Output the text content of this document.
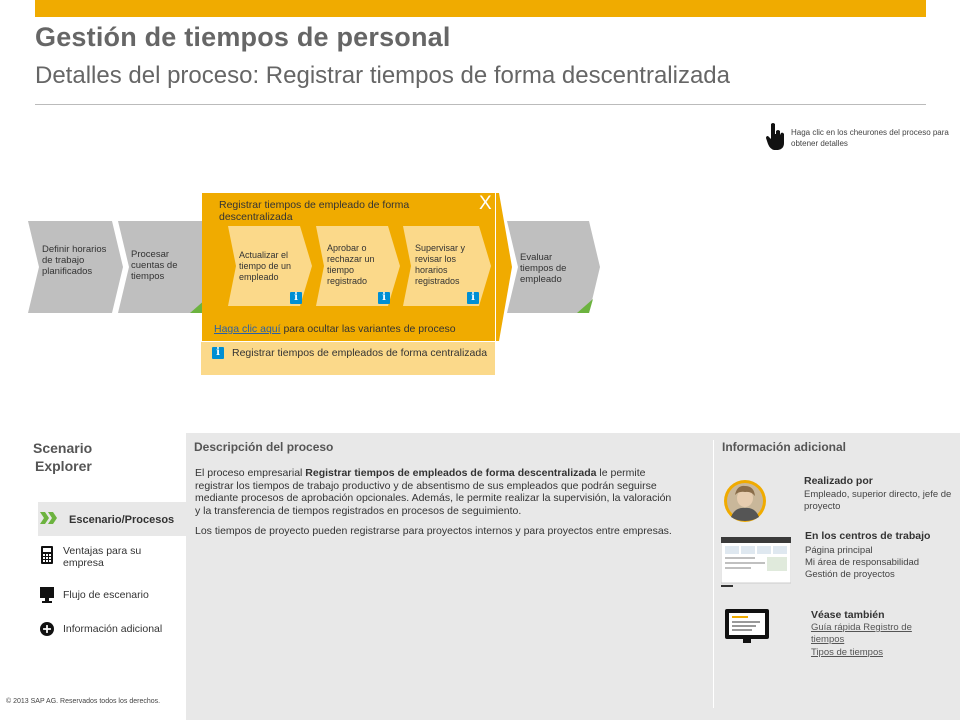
Gestión de tiempos de personal
Detalles del proceso: Registrar tiempos de forma descentralizada
Haga clic en los cheurones del proceso para obtener detalles
Definir horarios de trabajo planificados
Procesar cuentas de tiempos
Registrar tiempos de empleado de forma descentralizada
X
Actualizar el tiempo de un empleado
i
Aprobar o rechazar un tiempo registrado
i
Supervisar y revisar los horarios registrados
i
Haga clic aquí para ocultar las variantes de proceso
i	Registrar tiempos de empleados de forma centralizada
Evaluar tiempos de empleado
Scenario
Explorer
Escenario/Procesos
Ventajas para su empresa
Flujo de escenario
Información adicional
Descripción del proceso

El proceso empresarial Registrar tiempos de empleados de forma descentralizada le permite registrar los tiempos de trabajo productivo y de absentismo de sus empleados que podrán seguirse mediante procesos de aprobación opcionales. Además, le permite realizar la supervisión, la valoración y la transferencia de tiempos registrados en procesos de seguimiento.

Los tiempos de proyecto pueden registrarse para proyectos internos y para proyectos entre empresas.

Información adicional
Realizado por
Empleado, superior directo, jefe de proyecto
En los centros de trabajo
Página principal
Mi área de responsabilidad
Gestión de proyectos
Véase también
Guía rápida Registro de tiempos
Tipos de tiempos
© 2013 SAP AG. Reservados todos los derechos.
